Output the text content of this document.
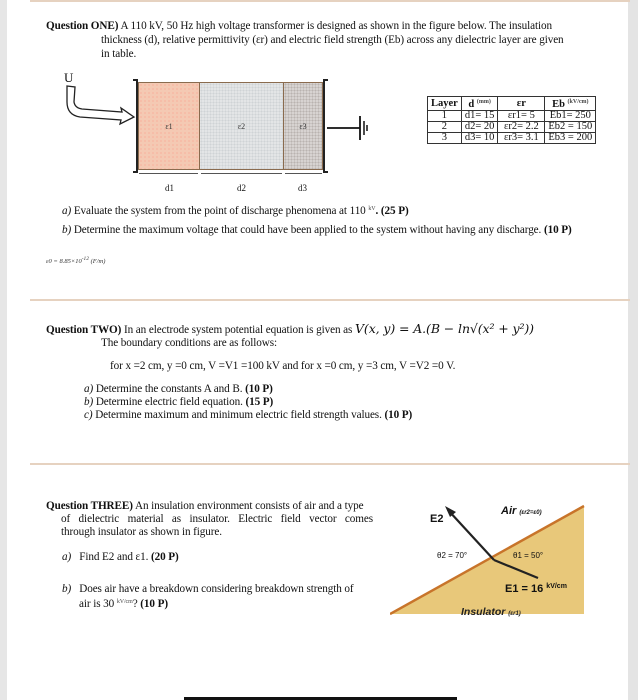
Question ONE) A 110 kV, 50 Hz high voltage transformer is designed as shown in the figure below. The insulation
thickness (d), relative permittivity (εr) and electric field strength (Eb) across any dielectric layer are given
in table.
U
ε1	ε2	ε3
d1	d2	d3
Layer	d $^{(mm)}$	εr	Eb $^{(kV/cm)}$
1	d1= 15	εr1= 5	Eb1= 250
2	d2= 20	εr2= 2.2	Eb2 = 150
3	d3= 10	εr3= 3.1	Eb3 = 200
a) Evaluate the system from the point of discharge phenomena at 110 $^{kV}$. (25 P)
b) Determine the maximum voltage that could have been applied to the system without having any discharge. (10 P)
$\varepsilon 0 = 8.85\times 10^{-12}$ (F/m)
Question TWO) In an electrode system potential equation is given as V(x, y) = A.(B − ln√(x² + y²))
The boundary conditions are as follows:
for x =2 cm, y =0 cm, V =V1 =100 kV and for x =0 cm, y =3 cm, V =V2 =0 V.
a) Determine the constants A and B. (10 P)
b) Determine electric field equation. (15 P)
c) Determine maximum and minimum electric field strength values. (10 P)
Question THREE) An insulation environment consists of air and a type
of dielectric material as insulator. Electric field vector comes
through insulator as shown in figure.
a) Find E2 and ε1. (20 P)
b) Does air have a breakdown considering breakdown strength of
air is 30 $^{kV/cm}$? (10 P)
Air (εr2=ε0)
E2
θ2 = 70°	θ1 = 50°
E1 = 16 $^{kV/cm}$
Insulator (εr1)
